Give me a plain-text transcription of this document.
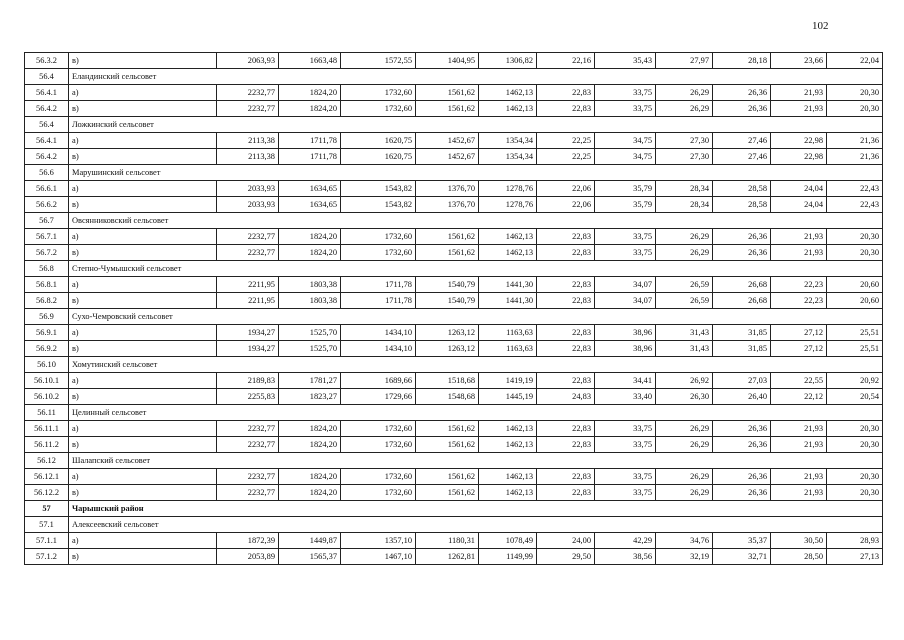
102
56.3.2	в)	2063,93	1663,48	1572,55	1404,95	1306,82	22,16	35,43	27,97	28,18	23,66	22,04
56.4	Еландинский сельсовет											
56.4.1	а)	2232,77	1824,20	1732,60	1561,62	1462,13	22,83	33,75	26,29	26,36	21,93	20,30
56.4.2	в)	2232,77	1824,20	1732,60	1561,62	1462,13	22,83	33,75	26,29	26,36	21,93	20,30
56.4	Ложкинский сельсовет											
56.4.1	а)	2113,38	1711,78	1620,75	1452,67	1354,34	22,25	34,75	27,30	27,46	22,98	21,36
56.4.2	в)	2113,38	1711,78	1620,75	1452,67	1354,34	22,25	34,75	27,30	27,46	22,98	21,36
56.6	Марушинский сельсовет											
56.6.1	а)	2033,93	1634,65	1543,82	1376,70	1278,76	22,06	35,79	28,34	28,58	24,04	22,43
56.6.2	в)	2033,93	1634,65	1543,82	1376,70	1278,76	22,06	35,79	28,34	28,58	24,04	22,43
56.7	Овсянниковский сельсовет											
56.7.1	а)	2232,77	1824,20	1732,60	1561,62	1462,13	22,83	33,75	26,29	26,36	21,93	20,30
56.7.2	в)	2232,77	1824,20	1732,60	1561,62	1462,13	22,83	33,75	26,29	26,36	21,93	20,30
56.8	Степно-Чумышский сельсовет											
56.8.1	а)	2211,95	1803,38	1711,78	1540,79	1441,30	22,83	34,07	26,59	26,68	22,23	20,60
56.8.2	в)	2211,95	1803,38	1711,78	1540,79	1441,30	22,83	34,07	26,59	26,68	22,23	20,60
56.9	Сухо-Чемровский сельсовет											
56.9.1	а)	1934,27	1525,70	1434,10	1263,12	1163,63	22,83	38,96	31,43	31,85	27,12	25,51
56.9.2	в)	1934,27	1525,70	1434,10	1263,12	1163,63	22,83	38,96	31,43	31,85	27,12	25,51
56.10	Хомутинский сельсовет											
56.10.1	а)	2189,83	1781,27	1689,66	1518,68	1419,19	22,83	34,41	26,92	27,03	22,55	20,92
56.10.2	в)	2255,83	1823,27	1729,66	1548,68	1445,19	24,83	33,40	26,30	26,40	22,12	20,54
56.11	Целинный сельсовет											
56.11.1	а)	2232,77	1824,20	1732,60	1561,62	1462,13	22,83	33,75	26,29	26,36	21,93	20,30
56.11.2	в)	2232,77	1824,20	1732,60	1561,62	1462,13	22,83	33,75	26,29	26,36	21,93	20,30
56.12	Шалапский сельсовет											
56.12.1	а)	2232,77	1824,20	1732,60	1561,62	1462,13	22,83	33,75	26,29	26,36	21,93	20,30
56.12.2	в)	2232,77	1824,20	1732,60	1561,62	1462,13	22,83	33,75	26,29	26,36	21,93	20,30
57	Чарышский район											
57.1	Алексеевский сельсовет											
57.1.1	а)	1872,39	1449,87	1357,10	1180,31	1078,49	24,00	42,29	34,76	35,37	30,50	28,93
57.1.2	в)	2053,89	1565,37	1467,10	1262,81	1149,99	29,50	38,56	32,19	32,71	28,50	27,13
